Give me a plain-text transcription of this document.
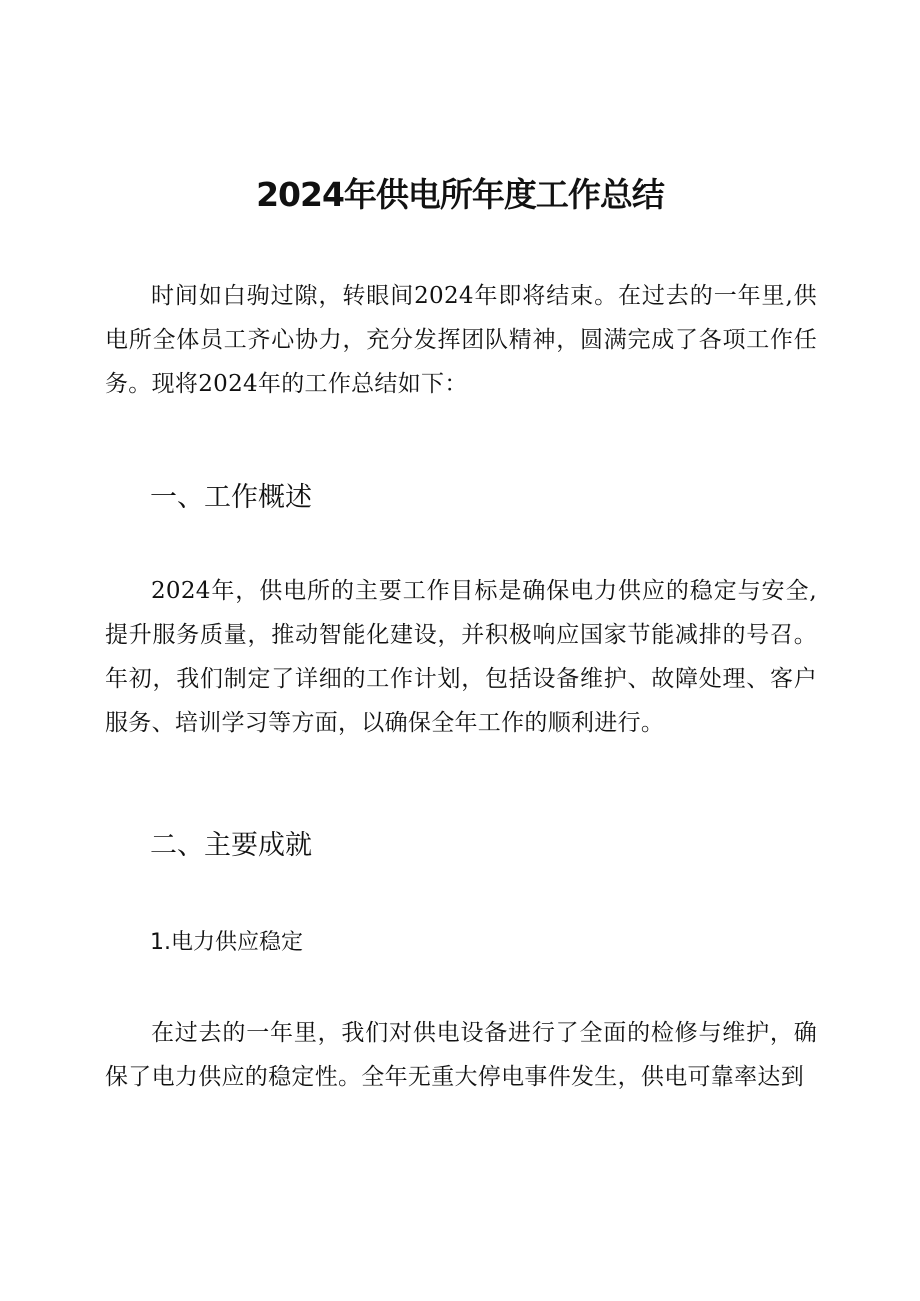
2024年供电所年度工作总结

时间如白驹过隙，转眼间2024年即将结束。在过去的一年里,供电所全体员工齐心协力，充分发挥团队精神，圆满完成了各项工作任务。现将2024年的工作总结如下：

一、工作概述

2024年，供电所的主要工作目标是确保电力供应的稳定与安全,提升服务质量，推动智能化建设，并积极响应国家节能减排的号召。年初，我们制定了详细的工作计划，包括设备维护、故障处理、客户服务、培训学习等方面，以确保全年工作的顺利进行。

二、主要成就
1.电力供应稳定

在过去的一年里，我们对供电设备进行了全面的检修与维护，确保了电力供应的稳定性。全年无重大停电事件发生，供电可靠率达到
